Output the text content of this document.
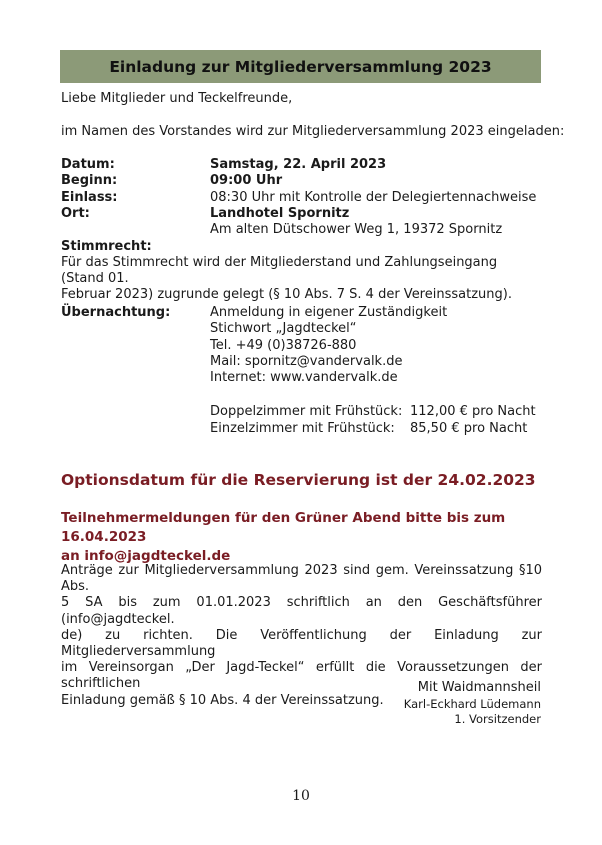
Einladung zur Mitgliederversammlung 2023
Liebe Mitglieder und Teckelfreunde,
im Namen des Vorstandes wird zur Mitgliederversammlung 2023 eingeladen:
Datum:	Samstag, 22. April 2023
Beginn:	09:00 Uhr
Einlass:	08:30 Uhr mit Kontrolle der Delegiertennachweise
Ort:	Landhotel Spornitz
Am alten Dütschower Weg 1, 19372 Spornitz
Stimmrecht:
Für das Stimmrecht wird der Mitgliederstand und Zahlungseingang (Stand 01.
Februar 2023) zugrunde gelegt (§ 10 Abs. 7 S. 4 der Vereinssatzung).
Übernachtung:	Anmeldung in eigener Zuständigkeit
Stichwort „Jagdteckel“
Tel. +49 (0)38726-880
Mail: spornitz@vandervalk.de
Internet: www.vandervalk.de
Doppelzimmer mit Frühstück: 112,00 € pro Nacht
Einzelzimmer mit Frühstück: 85,50 € pro Nacht
Optionsdatum für die Reservierung ist der 24.02.2023
Teilnehmermeldungen für den Grüner Abend bitte bis zum 16.04.2023
an info@jagdteckel.de
Anträge zur Mitgliederversammlung 2023 sind gem. Vereinssatzung §10 Abs.
5 SA bis zum 01.01.2023 schriftlich an den Geschäftsführer (info@jagdteckel.
de) zu richten. Die Veröffentlichung der Einladung zur Mitgliederversammlung
im Vereinsorgan „Der Jagd-Teckel“ erfüllt die Voraussetzungen der schriftlichen
Einladung gemäß § 10 Abs. 4 der Vereinssatzung.
Mit Waidmannsheil
Karl-Eckhard Lüdemann
1. Vorsitzender
10
